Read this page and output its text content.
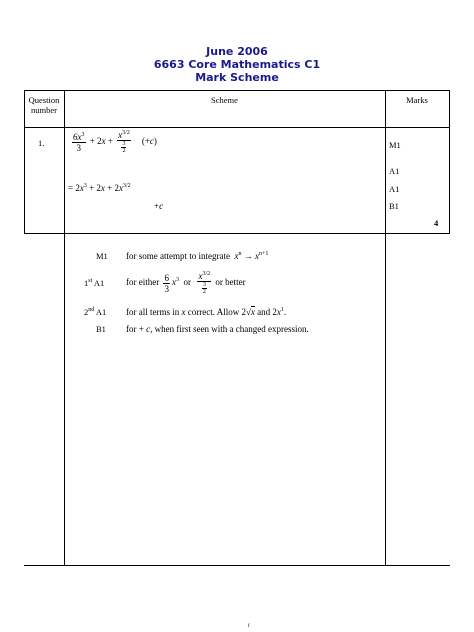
June 2006
6663 Core Mathematics C1
Mark Scheme
Question
number
Scheme	Marks
1.	$\frac{6x^3}{3} + 2x + \frac{x^{3/2}}{\frac{3}{2}} (+c)$
= $2x^3 + 2x + 2x^{3/2}$
+c
M1
A1
A1
B1
4
M1 for some attempt to integrate  $x^n \to x^{n+1}$
1st A1 for either $\frac{6}{3} x^3$  or $\frac{x^{3/2}}{\frac{3}{2}}$ or better
2nd A1 for all terms in x correct. Allow 2√x and $2x^1$.
B1 for + c, when first seen with a changed expression.
f
